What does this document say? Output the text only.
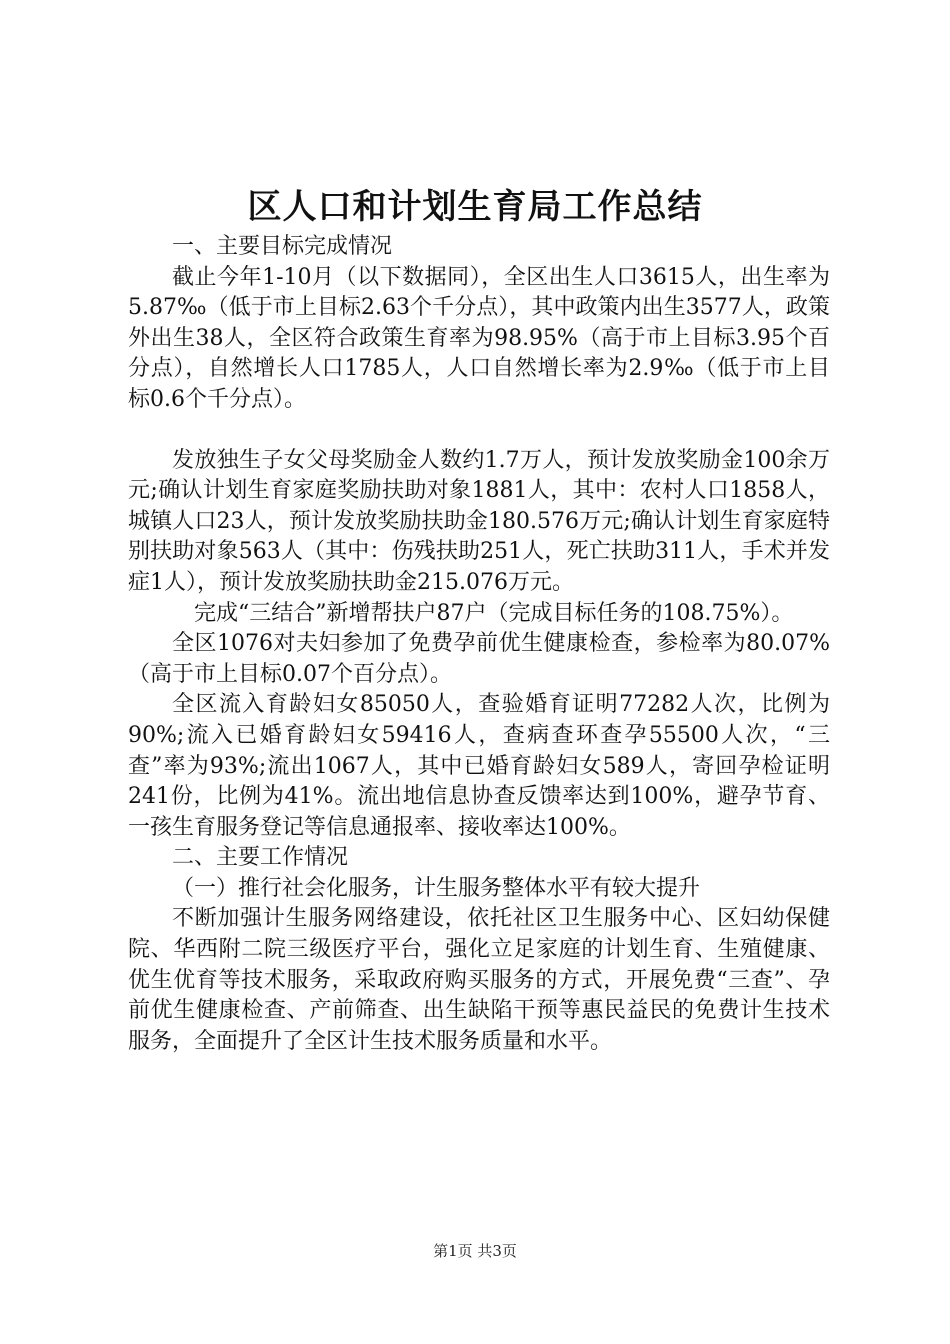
区人口和计划生育局工作总结

一、主要目标完成情况

截止今年1-10月（以下数据同），全区出生人口3615人，出生率为5.87‰（低于市上目标2.63个千分点），其中政策内出生3577人，政策外出生38人，全区符合政策生育率为98.95%（高于市上目标3.95个百分点），自然增长人口1785人，人口自然增长率为2.9‰（低于市上目标0.6个千分点）。

发放独生子女父母奖励金人数约1.7万人，预计发放奖励金100余万元;确认计划生育家庭奖励扶助对象1881人，其中：农村人口1858人，城镇人口23人，预计发放奖励扶助金180.576万元;确认计划生育家庭特别扶助对象563人（其中：伤残扶助251人，死亡扶助311人，手术并发症1人），预计发放奖励扶助金215.076万元。

完成“三结合”新增帮扶户87户（完成目标任务的108.75%）。

全区1076对夫妇参加了免费孕前优生健康检查，参检率为80.07%（高于市上目标0.07个百分点）。

全区流入育龄妇女85050人，查验婚育证明77282人次，比例为90%;流入已婚育龄妇女59416人，查病查环查孕55500人次，“三查”率为93%;流出1067人，其中已婚育龄妇女589人，寄回孕检证明241份，比例为41%。流出地信息协查反馈率达到100%，避孕节育、一孩生育服务登记等信息通报率、接收率达100%。

二、主要工作情况

（一）推行社会化服务，计生服务整体水平有较大提升

不断加强计生服务网络建设，依托社区卫生服务中心、区妇幼保健院、华西附二院三级医疗平台，强化立足家庭的计划生育、生殖健康、优生优育等技术服务，采取政府购买服务的方式，开展免费“三查”、孕前优生健康检查、产前筛查、出生缺陷干预等惠民益民的免费计生技术服务，全面提升了全区计生技术服务质量和水平。

第1页 共3页
